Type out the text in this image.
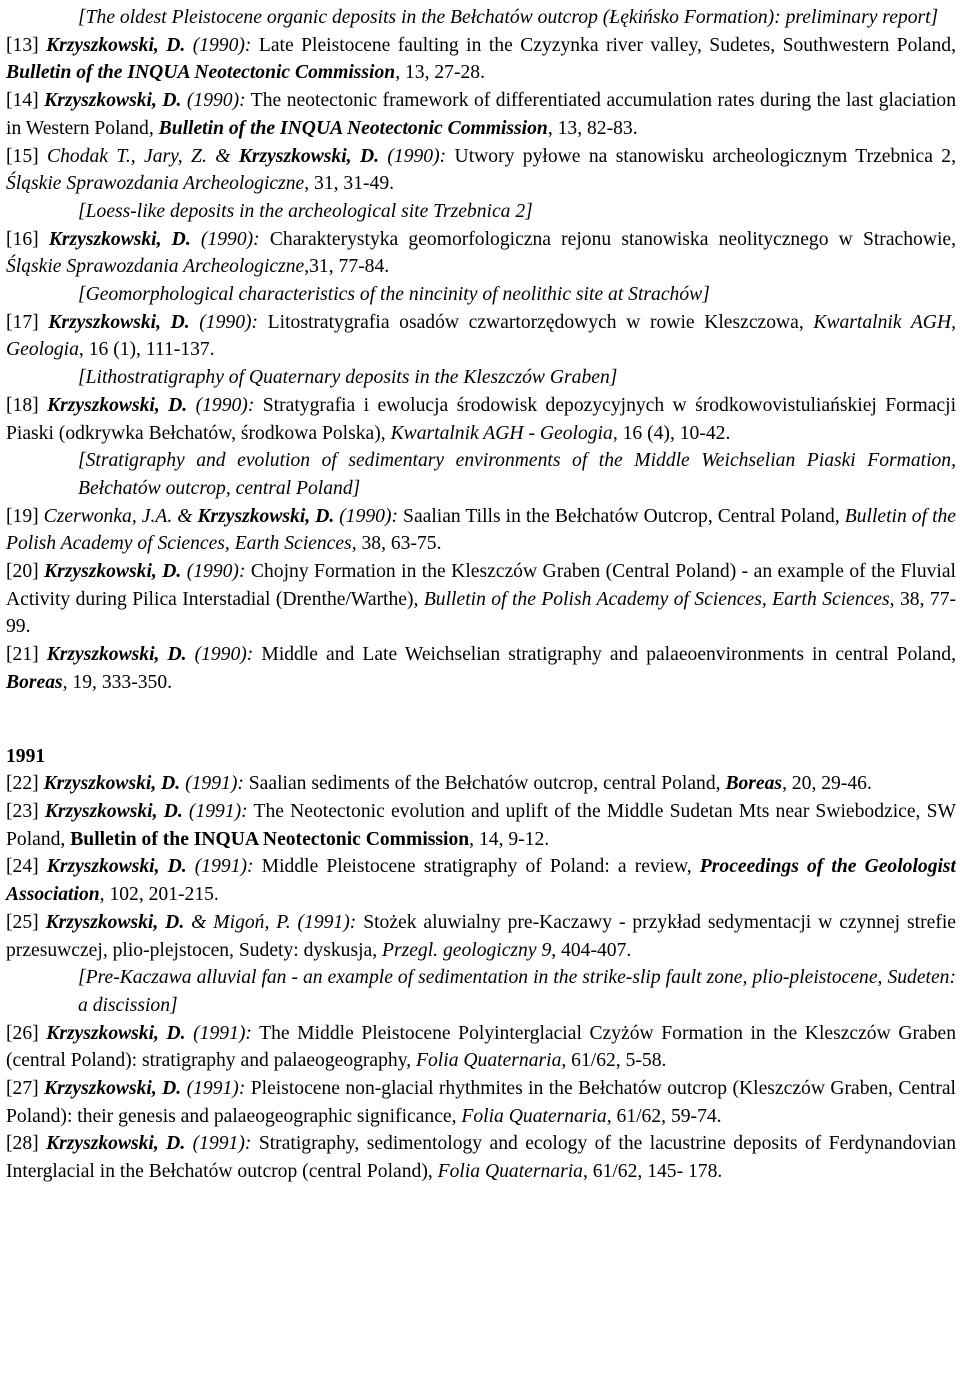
[The oldest Pleistocene organic deposits in the Bełchatów outcrop (Łękińsko Formation): preliminary report]

[13] Krzyszkowski, D. (1990): Late Pleistocene faulting in the Czyzynka river valley, Sudetes, Southwestern Poland, Bulletin of the INQUA Neotectonic Commission, 13, 27-28.

[14] Krzyszkowski, D. (1990): The neotectonic framework of differentiated accumulation rates during the last glaciation in Western Poland, Bulletin of the INQUA Neotectonic Commission, 13, 82-83.

[15] Chodak T., Jary, Z. & Krzyszkowski, D. (1990): Utwory pyłowe na stanowisku archeologicznym Trzebnica 2, Śląskie Sprawozdania Archeologiczne, 31, 31-49.

[Loess-like deposits in the archeological site Trzebnica 2]

[16] Krzyszkowski, D. (1990): Charakterystyka geomorfologiczna rejonu stanowiska neolitycznego w Strachowie, Śląskie Sprawozdania Archeologiczne,31, 77-84.

[Geomorphological characteristics of the nincinity of neolithic site at Strachów]

[17] Krzyszkowski, D. (1990): Litostratygrafia osadów czwartorzędowych w rowie Kleszczowa, Kwartalnik AGH, Geologia, 16 (1), 111-137.

[Lithostratigraphy of Quaternary deposits in the Kleszczów Graben]

[18] Krzyszkowski, D. (1990): Stratygrafia i ewolucja środowisk depozycyjnych w środkowovistuliańskiej Formacji Piaski (odkrywka Bełchatów, środkowa Polska), Kwartalnik AGH - Geologia, 16 (4), 10-42.

[Stratigraphy and evolution of sedimentary environments of the Middle Weichselian Piaski Formation, Bełchatów outcrop, central Poland]

[19] Czerwonka, J.A. & Krzyszkowski, D. (1990): Saalian Tills in the Bełchatów Outcrop, Central Poland, Bulletin of the Polish Academy of Sciences, Earth Sciences, 38, 63-75.

[20] Krzyszkowski, D. (1990): Chojny Formation in the Kleszczów Graben (Central Poland) - an example of the Fluvial Activity during Pilica Interstadial (Drenthe/Warthe), Bulletin of the Polish Academy of Sciences, Earth Sciences, 38, 77-99.

[21] Krzyszkowski, D. (1990): Middle and Late Weichselian stratigraphy and palaeoenvironments in central Poland, Boreas, 19, 333-350.

1991

[22] Krzyszkowski, D. (1991): Saalian sediments of the Bełchatów outcrop, central Poland, Boreas, 20, 29-46.

[23] Krzyszkowski, D. (1991): The Neotectonic evolution and uplift of the Middle Sudetan Mts near Swiebodzice, SW Poland, Bulletin of the INQUA Neotectonic Commission, 14, 9-12.

[24] Krzyszkowski, D. (1991): Middle Pleistocene stratigraphy of Poland: a review, Proceedings of the Geolologist Association, 102, 201-215.

[25] Krzyszkowski, D. & Migoń, P. (1991): Stożek aluwialny pre-Kaczawy - przykład sedymentacji w czynnej strefie przesuwczej, plio-plejstocen, Sudety: dyskusja, Przegl. geologiczny 9, 404-407.

[Pre-Kaczawa alluvial fan - an example of sedimentation in the strike-slip fault zone, plio-pleistocene, Sudeten: a discission]

[26] Krzyszkowski, D. (1991): The Middle Pleistocene Polyinterglacial Czyżów Formation in the Kleszczów Graben (central Poland): stratigraphy and palaeogeography, Folia Quaternaria, 61/62, 5-58.

[27] Krzyszkowski, D. (1991): Pleistocene non-glacial rhythmites in the Bełchatów outcrop (Kleszczów Graben, Central Poland): their genesis and palaeogeographic significance, Folia Quaternaria, 61/62, 59-74.

[28] Krzyszkowski, D. (1991): Stratigraphy, sedimentology and ecology of the lacustrine deposits of Ferdynandovian Interglacial in the Bełchatów outcrop (central Poland), Folia Quaternaria, 61/62, 145- 178.
